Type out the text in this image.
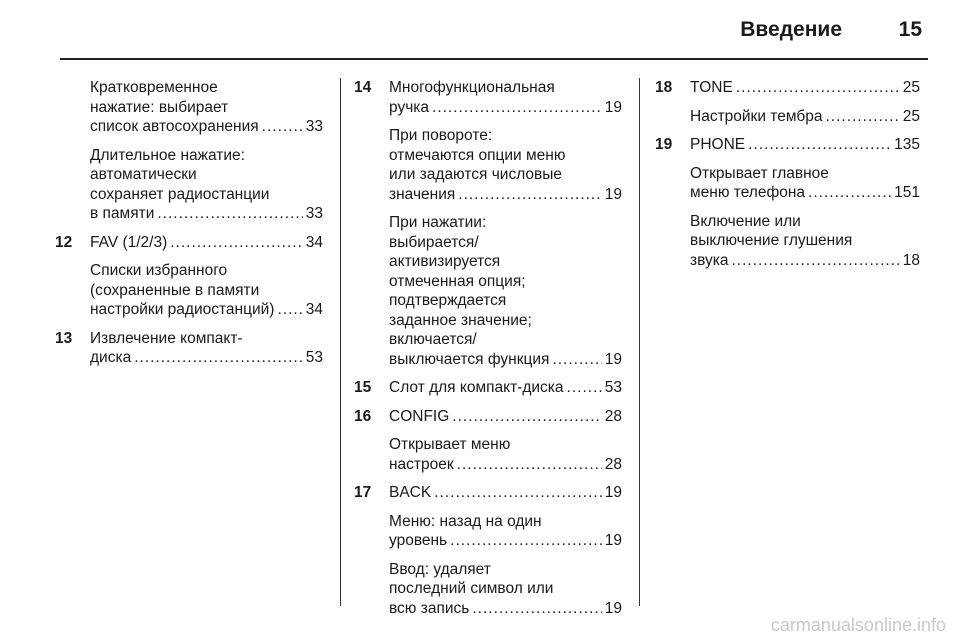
Введение	15
Кратковременное
нажатие: выбирает
список автосохранения .....	33
Длительное нажатие:
автоматически
сохраняет радиостанции
в памяти .....	33
12	FAV (1/2/3) .....	34
Списки избранного
(сохраненные в памяти
настройки радиостанций) ..... 34
13	Извлечение компакт-
диска .....	53
14	Многофункциональная
ручка .....	19
При повороте:
отмечаются опции меню
или задаются числовые
значения .....	19
При нажатии:
выбирается/
активизируется
отмеченная опция;
подтверждается
заданное значение;
включается/
выключается функция .....	19
15	Слот для компакт-диска .....	53
16	CONFIG .....	28
Открывает меню
настроек .....	28
17	BACK .....	19
Меню: назад на один
уровень .....	19
Ввод: удаляет
последний символ или
всю запись .....	19
18	TONE .....	25
Настройки тембра .....	25
19	PHONE .....	135
Открывает главное
меню телефона .....	151
Включение или
выключение глушения
звука .....	18
carmanualsonline.info
